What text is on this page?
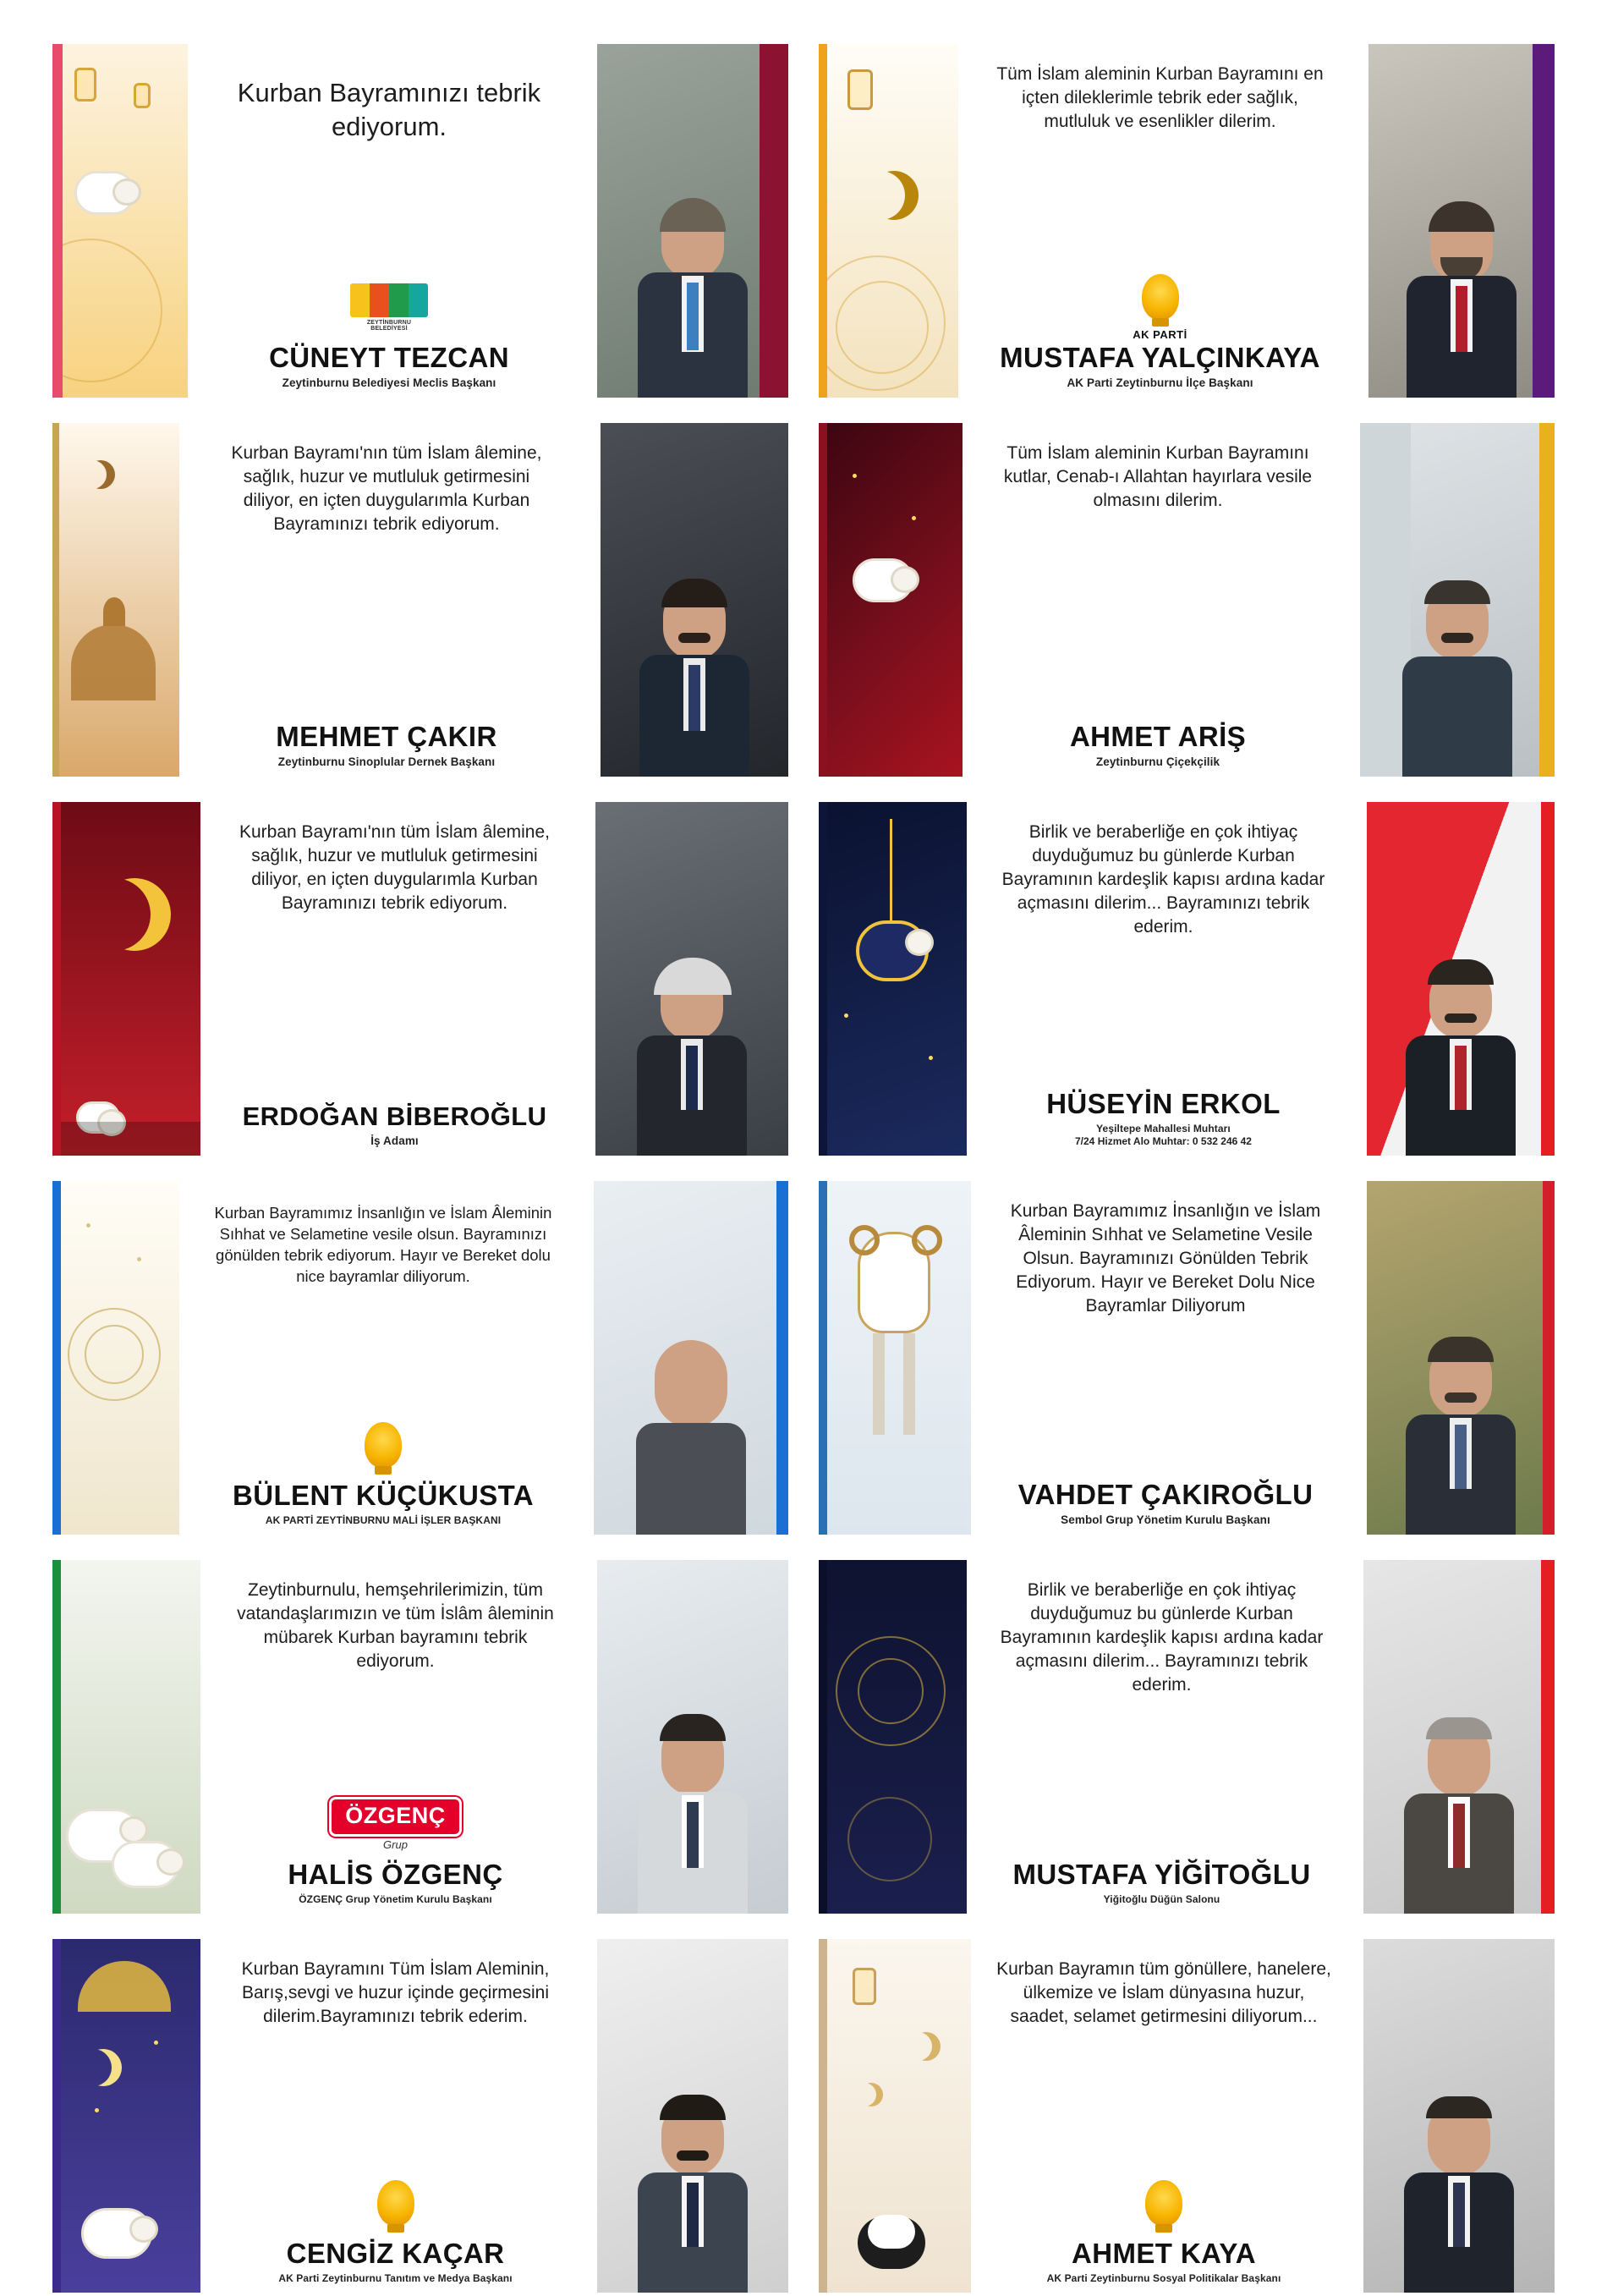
Kurban Bayramınızı tebrik ediyorum.
ZEYTİNBURNU BELEDİYESİ
CÜNEYT TEZCAN
Zeytinburnu Belediyesi Meclis Başkanı
Tüm İslam aleminin Kurban Bayramını en içten dileklerimle tebrik eder sağlık, mutluluk ve esenlikler dilerim.
AK PARTİ
MUSTAFA YALÇINKAYA
AK Parti Zeytinburnu İlçe Başkanı
Kurban Bayramı'nın tüm İslam âlemine, sağlık, huzur ve mutluluk getirmesini diliyor, en içten duygularımla Kurban Bayramınızı tebrik ediyorum.
MEHMET ÇAKIR
Zeytinburnu Sinoplular Dernek Başkanı
Tüm İslam aleminin Kurban Bayramını kutlar, Cenab-ı Allahtan hayırlara vesile olmasını dilerim.
AHMET ARİŞ
Zeytinburnu Çiçekçilik
Kurban Bayramı'nın tüm İslam âlemine, sağlık, huzur ve mutluluk getirmesini diliyor, en içten duygularımla Kurban Bayramınızı tebrik ediyorum.
ERDOĞAN BİBEROĞLU
İş Adamı
Birlik ve beraberliğe en çok ihtiyaç duyduğumuz bu günlerde Kurban Bayramının kardeşlik kapısı ardına kadar açmasını dilerim... Bayramınızı tebrik ederim.
HÜSEYİN ERKOL
Yeşiltepe Mahallesi Muhtarı
7/24 Hizmet Alo Muhtar: 0 532 246 42
Kurban Bayramımız İnsanlığın ve İslam Âleminin Sıhhat ve Selametine vesile olsun. Bayramınızı gönülden tebrik ediyorum. Hayır ve Bereket dolu nice bayramlar diliyorum.
BÜLENT KÜÇÜKUSTA
AK PARTİ ZEYTİNBURNU MALİ İŞLER BAŞKANI
Kurban Bayramımız İnsanlığın ve İslam Âleminin Sıhhat ve Selametine Vesile Olsun. Bayramınızı Gönülden Tebrik Ediyorum. Hayır ve Bereket Dolu Nice Bayramlar Diliyorum
VAHDET ÇAKIROĞLU
Sembol Grup Yönetim Kurulu Başkanı
Zeytinburnulu, hemşehrilerimizin, tüm vatandaşlarımızın ve tüm İslâm âleminin mübarek Kurban bayramını tebrik ediyorum.
ÖZGENÇ
Grup
HALİS ÖZGENÇ
ÖZGENÇ Grup Yönetim Kurulu Başkanı
Birlik ve beraberliğe en çok ihtiyaç duyduğumuz bu günlerde Kurban Bayramının kardeşlik kapısı ardına kadar açmasını dilerim... Bayramınızı tebrik ederim.
MUSTAFA YİĞİTOĞLU
Yiğitoğlu Düğün Salonu
Kurban Bayramını Tüm İslam Aleminin, Barış,sevgi ve huzur içinde geçirmesini dilerim.Bayramınızı tebrik ederim.
CENGİZ KAÇAR
AK Parti Zeytinburnu Tanıtım ve Medya Başkanı
Kurban Bayramın tüm gönüllere, hanelere, ülkemize ve İslam dünyasına huzur, saadet, selamet getirmesini diliyorum...
AHMET KAYA
AK Parti Zeytinburnu Sosyal Politikalar Başkanı
